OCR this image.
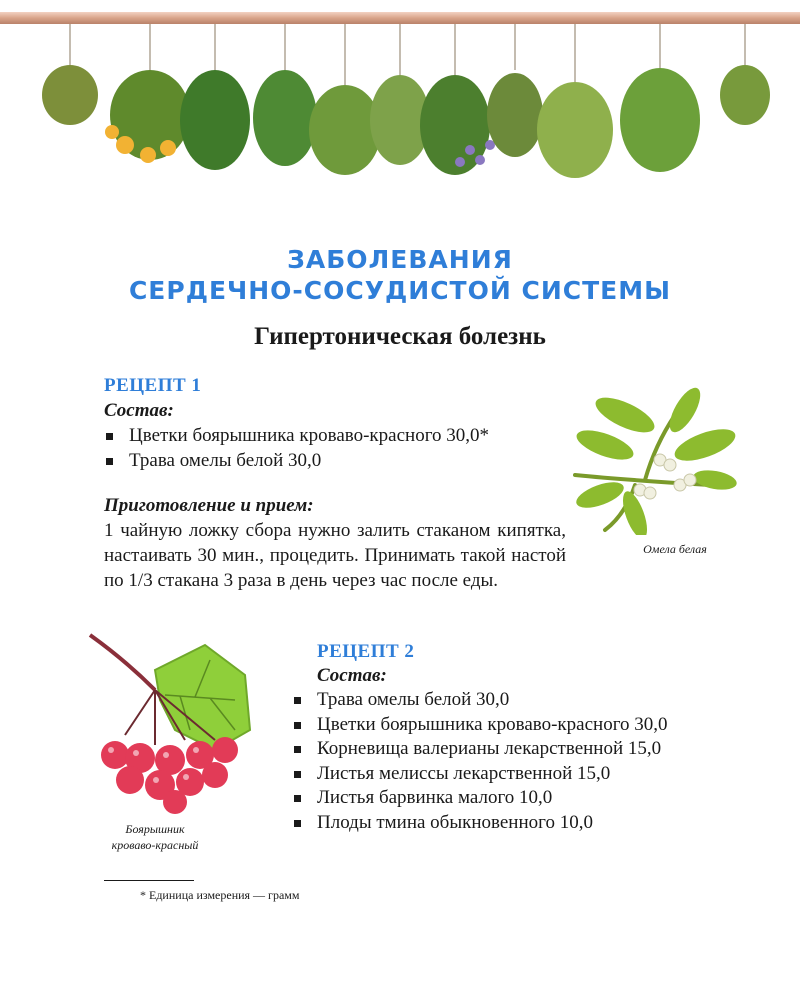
ЗАБОЛЕВАНИЯ
СЕРДЕЧНО-СОСУДИСТОЙ СИСТЕМЫ
Гипертоническая болезнь
РЕЦЕПТ 1
Состав:
Цветки боярышника кроваво-красного 30,0*
Трава омелы белой 30,0
Приготовление и прием:
1 чайную ложку сбора нужно залить стаканом кипятка, настаивать 30 мин., процедить. Принимать такой настой по 1/3 стакана 3 раза в день через час после еды.
Омела белая
Боярышник
кроваво-красный
РЕЦЕПТ 2
Состав:
Трава омелы белой 30,0
Цветки боярышника кроваво-красного 30,0
Корневища валерианы лекарственной 15,0
Листья мелиссы лекарственной 15,0
Листья барвинка малого 10,0
Плоды тмина обыкновенного 10,0
* Единица измерения — грамм
